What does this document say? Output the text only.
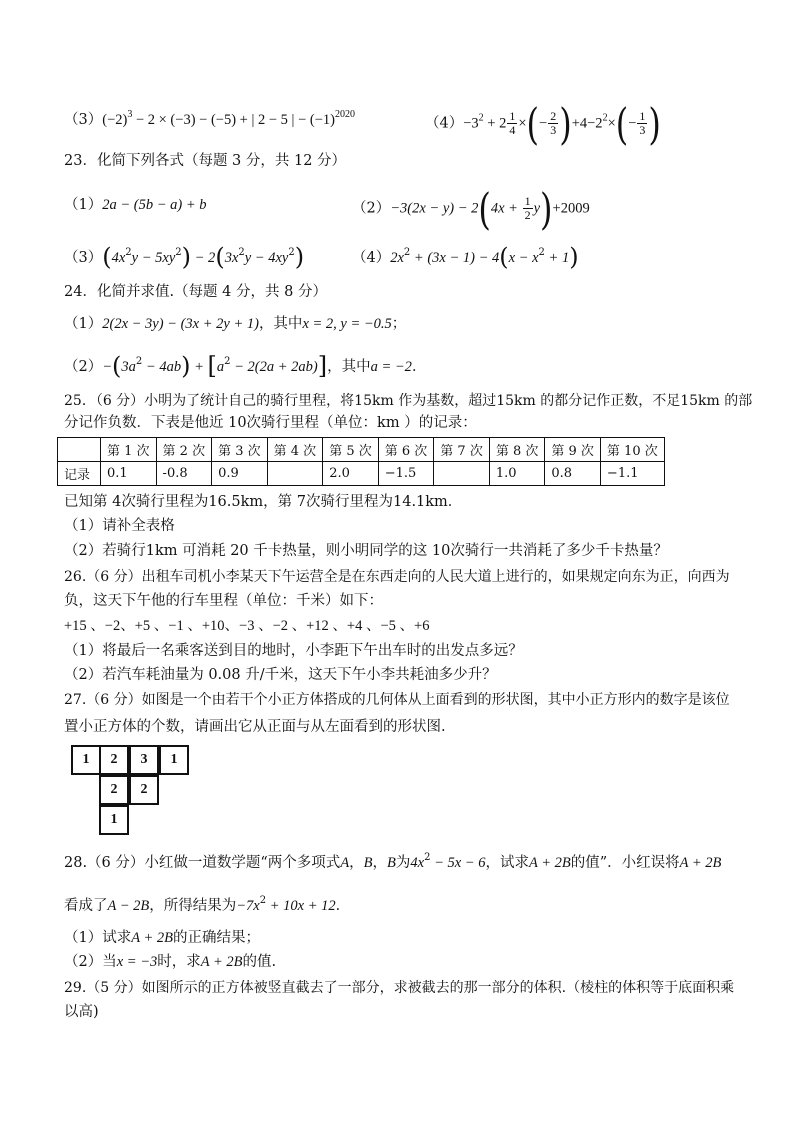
$(3)(-2)^3 - 2 \times (-3) - (-5)$ + | 2 − 5 | − $(-1)^{2020}$
$(4)-3^2 + 2 \frac{1}{4}$ ×(− $\frac{2}{3} )+4-2^2\times(- \frac{1}{3}$ )
23．化简下列各式（每题 3 分，共 12 分）
（1）2a − (5b − a) + b	$(2)-3(2x - y) - 2(4x + \frac{1}{2} y)+2009$
$(3)(4x^2y - 5xy^2) - 2(3x^2y - 4xy^2)$	$(4)2x^2 + (3x - 1) - 4(x - x^2 + 1)$
24．化简并求值.（每题 4 分，共 8 分）
（1）2(2x − 3y) − (3x + 2y + 1)，其中x = 2, y = −0.5；
$(2)-(3a^2 - 4ab) + [a^2 - 2(2a + 2ab)]$，其中a = −2．
25．（6 分）小明为了统计自己的骑行里程，将15km 作为基数，超过15km 的都分记作正数，不足15km 的部
分记作负数．下表是他近 10次骑行里程（单位：km ）的记录：
	第 1 次	第 2 次	第 3 次	第 4 次	第 5 次	第 6 次	第 7 次	第 8 次	第 9 次	第 10 次
记录	0.1	-0.8	0.9		2.0	−1.5		1.0	0.8	−1.1
已知第 4次骑行里程为16.5km，第 7次骑行里程为14.1km．
（1）请补全表格
（2）若骑行1km 可消耗 20 千卡热量，则小明同学的这 10次骑行一共消耗了多少千卡热量？
26.（6 分）出租车司机小李某天下午运营全是在东西走向的人民大道上进行的，如果规定向东为正，向西为
负，这天下午他的行车里程（单位：千米）如下：
+15 、−2、+5 、−1 、+10、−3 、−2 、+12 、+4 、−5 、+6
（1）将最后一名乘客送到目的地时，小李距下午出车时的出发点多远？
（2）若汽车耗油量为 0.08 升/千米，这天下午小李共耗油多少升？
27.（6 分）如图是一个由若干个小正方体搭成的几何体从上面看到的形状图，其中小正方形内的数字是该位
置小正方体的个数，请画出它从正面与从左面看到的形状图.
1	2	3	1
2	2
1
28.（6 分）小红做一道数学题“两个多项式A，B，B为$4x^2 - 5x - 6$，试求A + 2B的值”．小红误将A + 2B
看成了A − 2B，所得结果为$-7x^2 + 10x + 12$．
（1）试求A + 2B的正确结果；
（2）当x = −3时，求A + 2B的值.
29.（5 分）如图所示的正方体被竖直截去了一部分，求被截去的那一部分的体积.（棱柱的体积等于底面积乘
以高)
